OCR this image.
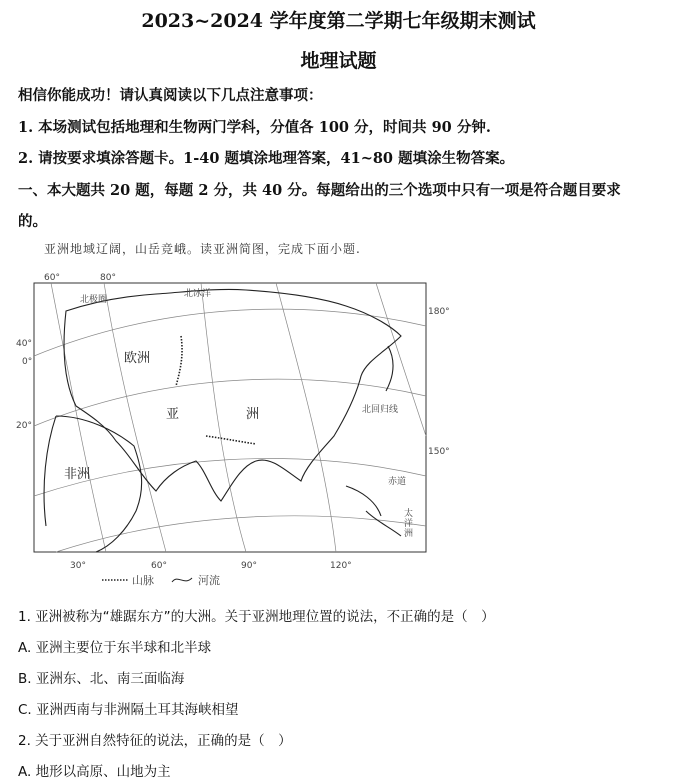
2023~2024 学年度第二学期七年级期末测试
地理试题
相信你能成功！请认真阅读以下几点注意事项：
1. 本场测试包括地理和生物两门学科，分值各 100 分，时间共 90 分钟.
2. 请按要求填涂答题卡。1-40 题填涂地理答案，41~80 题填涂生物答案。
一、本大题共 20 题，每题 2 分，共 40 分。每题给出的三个选项中只有一项是符合题目要求
的。
亚洲地域辽阔，山岳竞峨。读亚洲简图，完成下面小题.
60°	80°
30°	60°	90°	120°
40°
0°
20°
180°
150°
北极圈
北冰洋
欧洲
亚	洲
非洲
北回归线
赤道
太
洋
洲
山脉	河流
1. 亚洲被称为“雄踞东方”的大洲。关于亚洲地理位置的说法，不正确的是（　）
A. 亚洲主要位于东半球和北半球
B. 亚洲东、北、南三面临海
C. 亚洲西南与非洲隔土耳其海峡相望
2. 关于亚洲自然特征的说法，正确的是（　）
A. 地形以高原、山地为主
